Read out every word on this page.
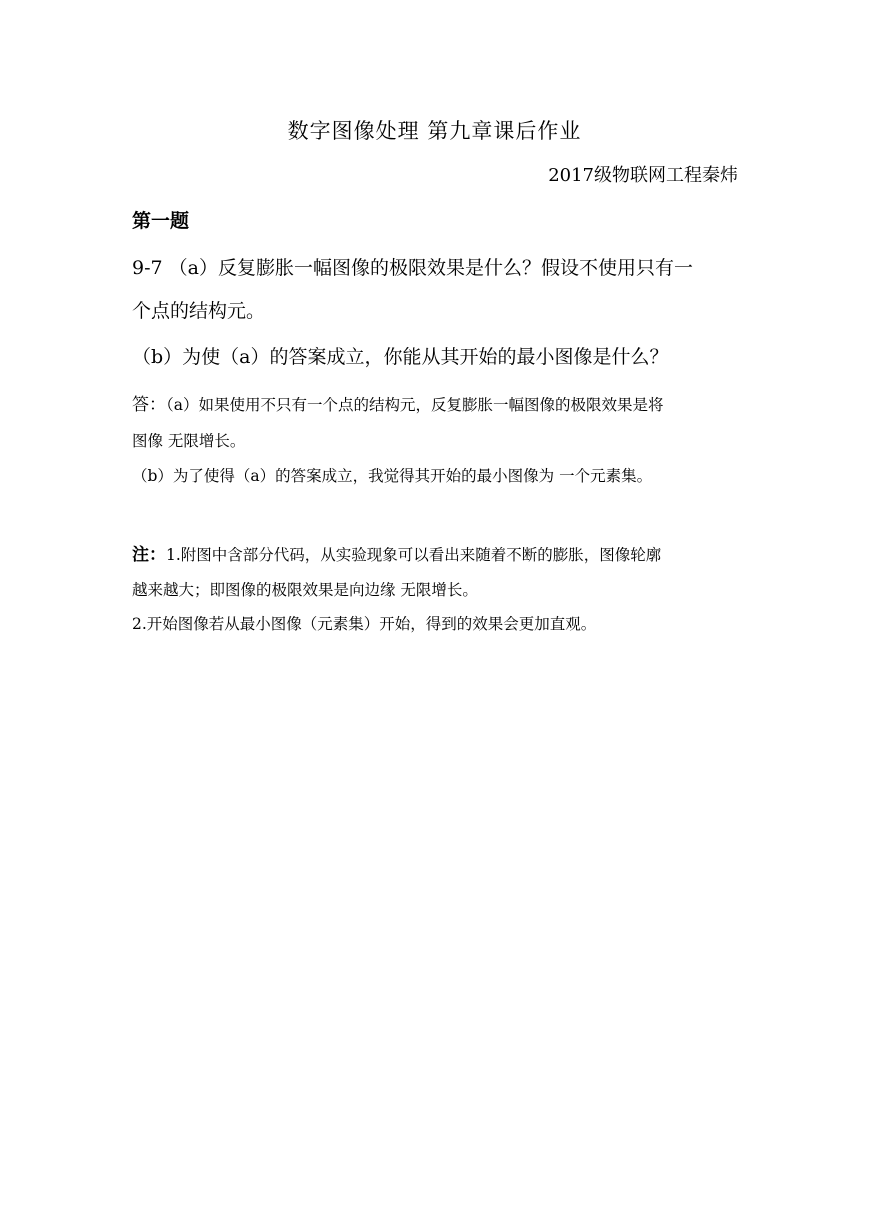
数字图像处理 第九章课后作业
2017级物联网工程秦炜
第一题
9-7 （a）反复膨胀一幅图像的极限效果是什么？假设不使用只有一
个点的结构元。
（b）为使（a）的答案成立，你能从其开始的最小图像是什么？
答：（a）如果使用不只有一个点的结构元，反复膨胀一幅图像的极限效果是将
图像 无限增长。
（b）为了使得（a）的答案成立，我觉得其开始的最小图像为 一个元素集。
注：1.附图中含部分代码，从实验现象可以看出来随着不断的膨胀，图像轮廓
越来越大；即图像的极限效果是向边缘 无限增长。
2.开始图像若从最小图像（元素集）开始，得到的效果会更加直观。
